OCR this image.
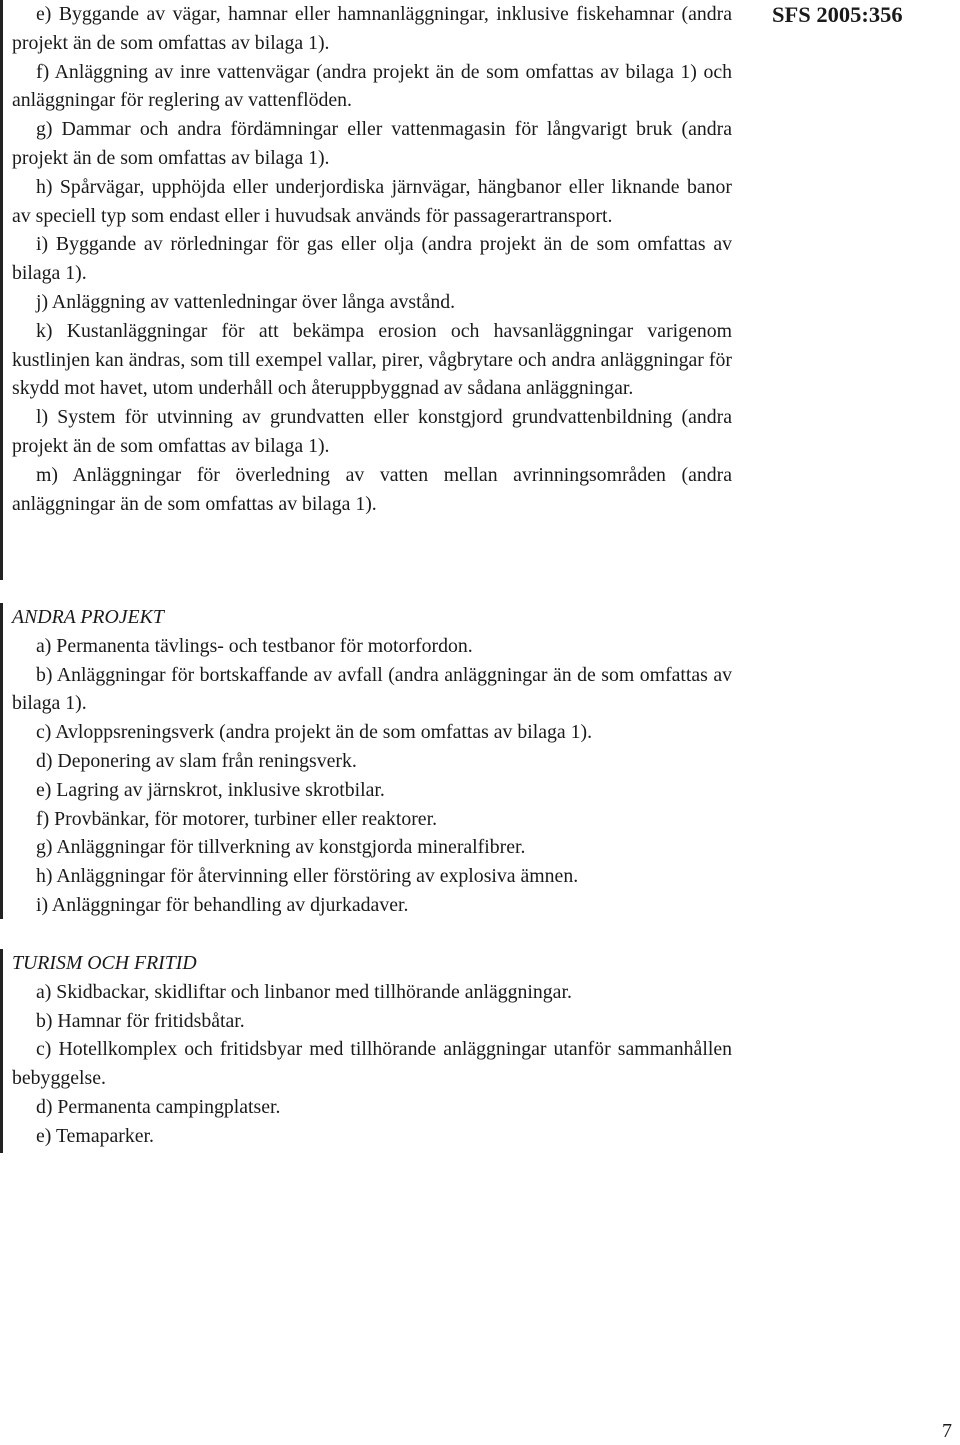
SFS 2005:356

e) Byggande av vägar, hamnar eller hamnanläggningar, inklusive fiskehamnar (andra projekt än de som omfattas av bilaga 1).

f) Anläggning av inre vattenvägar (andra projekt än de som omfattas av bilaga 1) och anläggningar för reglering av vattenflöden.

g) Dammar och andra fördämningar eller vattenmagasin för långvarigt bruk (andra projekt än de som omfattas av bilaga 1).

h) Spårvägar, upphöjda eller underjordiska järnvägar, hängbanor eller liknande banor av speciell typ som endast eller i huvudsak används för passagerartransport.

i) Byggande av rörledningar för gas eller olja (andra projekt än de som omfattas av bilaga 1).

j) Anläggning av vattenledningar över långa avstånd.

k) Kustanläggningar för att bekämpa erosion och havsanläggningar varigenom kustlinjen kan ändras, som till exempel vallar, pirer, vågbrytare och andra anläggningar för skydd mot havet, utom underhåll och återuppbyggnad av sådana anläggningar.

l) System för utvinning av grundvatten eller konstgjord grundvattenbildning (andra projekt än de som omfattas av bilaga 1).

m) Anläggningar för överledning av vatten mellan avrinningsområden (andra anläggningar än de som omfattas av bilaga 1).

ANDRA PROJEKT

a) Permanenta tävlings- och testbanor för motorfordon.

b) Anläggningar för bortskaffande av avfall (andra anläggningar än de som omfattas av bilaga 1).

c) Avloppsreningsverk (andra projekt än de som omfattas av bilaga 1).

d) Deponering av slam från reningsverk.

e) Lagring av järnskrot, inklusive skrotbilar.

f) Provbänkar, för motorer, turbiner eller reaktorer.

g) Anläggningar för tillverkning av konstgjorda mineralfibrer.

h) Anläggningar för återvinning eller förstöring av explosiva ämnen.

i) Anläggningar för behandling av djurkadaver.

TURISM OCH FRITID

a) Skidbackar, skidliftar och linbanor med tillhörande anläggningar.

b) Hamnar för fritidsbåtar.

c) Hotellkomplex och fritidsbyar med tillhörande anläggningar utanför sammanhållen bebyggelse.

d) Permanenta campingplatser.

e) Temaparker.

7
